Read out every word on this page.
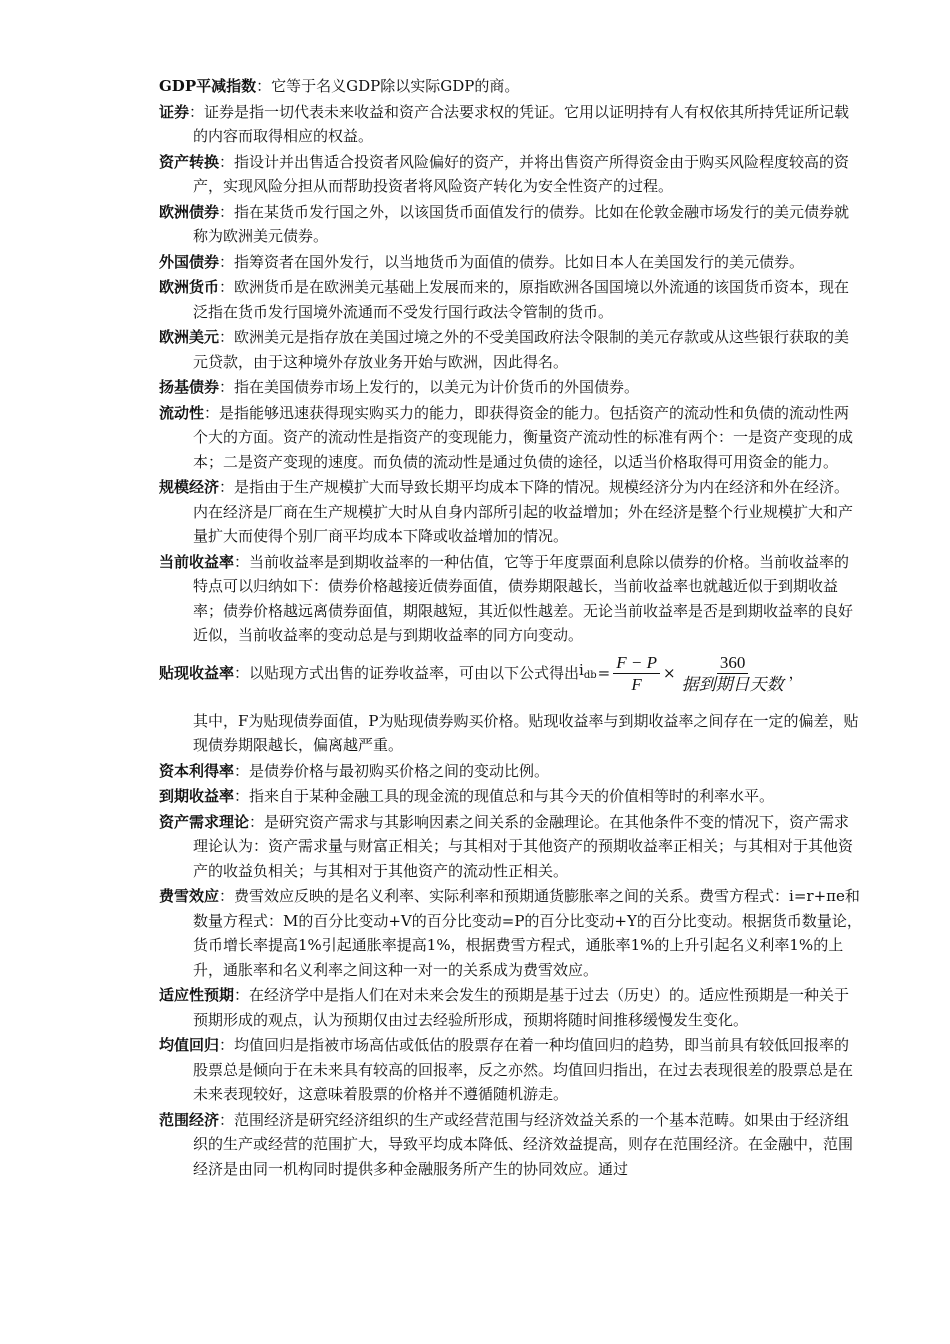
GDP平减指数：它等于名义GDP除以实际GDP的商。
证券：证券是指一切代表未来收益和资产合法要求权的凭证。它用以证明持有人有权依其所持凭证所记载的内容而取得相应的权益。
资产转换：指设计并出售适合投资者风险偏好的资产，并将出售资产所得资金由于购买风险程度较高的资产，实现风险分担从而帮助投资者将风险资产转化为安全性资产的过程。
欧洲债券：指在某货币发行国之外，以该国货币面值发行的债券。比如在伦敦金融市场发行的美元债券就称为欧洲美元债券。
外国债券：指筹资者在国外发行，以当地货币为面值的债券。比如日本人在美国发行的美元债券。
欧洲货币：欧洲货币是在欧洲美元基础上发展而来的，原指欧洲各国国境以外流通的该国货币资本，现在泛指在货币发行国境外流通而不受发行国行政法令管制的货币。
欧洲美元：欧洲美元是指存放在美国过境之外的不受美国政府法令限制的美元存款或从这些银行获取的美元贷款，由于这种境外存放业务开始与欧洲，因此得名。
扬基债券：指在美国债券市场上发行的，以美元为计价货币的外国债券。
流动性：是指能够迅速获得现实购买力的能力，即获得资金的能力。包括资产的流动性和负债的流动性两个大的方面。资产的流动性是指资产的变现能力，衡量资产流动性的标准有两个：一是资产变现的成本；二是资产变现的速度。而负债的流动性是通过负债的途径，以适当价格取得可用资金的能力。
规模经济：是指由于生产规模扩大而导致长期平均成本下降的情况。规模经济分为内在经济和外在经济。内在经济是厂商在生产规模扩大时从自身内部所引起的收益增加；外在经济是整个行业规模扩大和产量扩大而使得个别厂商平均成本下降或收益增加的情况。
当前收益率：当前收益率是到期收益率的一种估值，它等于年度票面利息除以债券的价格。当前收益率的特点可以归纳如下：债券价格越接近债券面值，债券期限越长，当前收益率也就越近似于到期收益率；债券价格越远离债券面值，期限越短，其近似性越差。无论当前收益率是否是到期收益率的良好近似，当前收益率的变动总是与到期收益率的同方向变动。
贴现收益率 ： 以贴现方式出售的证券收益率，可由以下公式得出 $i_{db} = \frac{F - P}{F} \times \frac{360}{\text{据到期日天数}}$ ，
其中，F为贴现债券面值，P为贴现债券购买价格。贴现收益率与到期收益率之间存在一定的偏差，贴现债券期限越长，偏离越严重。
资本利得率：是债券价格与最初购买价格之间的变动比例。
到期收益率：指来自于某种金融工具的现金流的现值总和与其今天的价值相等时的利率水平。
资产需求理论：是研究资产需求与其影响因素之间关系的金融理论。在其他条件不变的情况下，资产需求理论认为：资产需求量与财富正相关；与其相对于其他资产的预期收益率正相关；与其相对于其他资产的收益负相关；与其相对于其他资产的流动性正相关。
费雪效应：费雪效应反映的是名义利率、实际利率和预期通货膨胀率之间的关系。费雪方程式：i=r+πe和数量方程式：M的百分比变动+V的百分比变动=P的百分比变动+Y的百分比变动。根据货币数量论，货币增长率提高1%引起通胀率提高1%，根据费雪方程式，通胀率1%的上升引起名义利率1%的上升，通胀率和名义利率之间这种一对一的关系成为费雪效应。
适应性预期：在经济学中是指人们在对未来会发生的预期是基于过去（历史）的。适应性预期是一种关于预期形成的观点，认为预期仅由过去经验所形成，预期将随时间推移缓慢发生变化。
均值回归：均值回归是指被市场高估或低估的股票存在着一种均值回归的趋势，即当前具有较低回报率的股票总是倾向于在未来具有较高的回报率，反之亦然。均值回归指出，在过去表现很差的股票总是在未来表现较好，这意味着股票的价格并不遵循随机游走。
范围经济：范围经济是研究经济组织的生产或经营范围与经济效益关系的一个基本范畴。如果由于经济组织的生产或经营的范围扩大，导致平均成本降低、经济效益提高，则存在范围经济。在金融中，范围经济是由同一机构同时提供多种金融服务所产生的协同效应。通过
